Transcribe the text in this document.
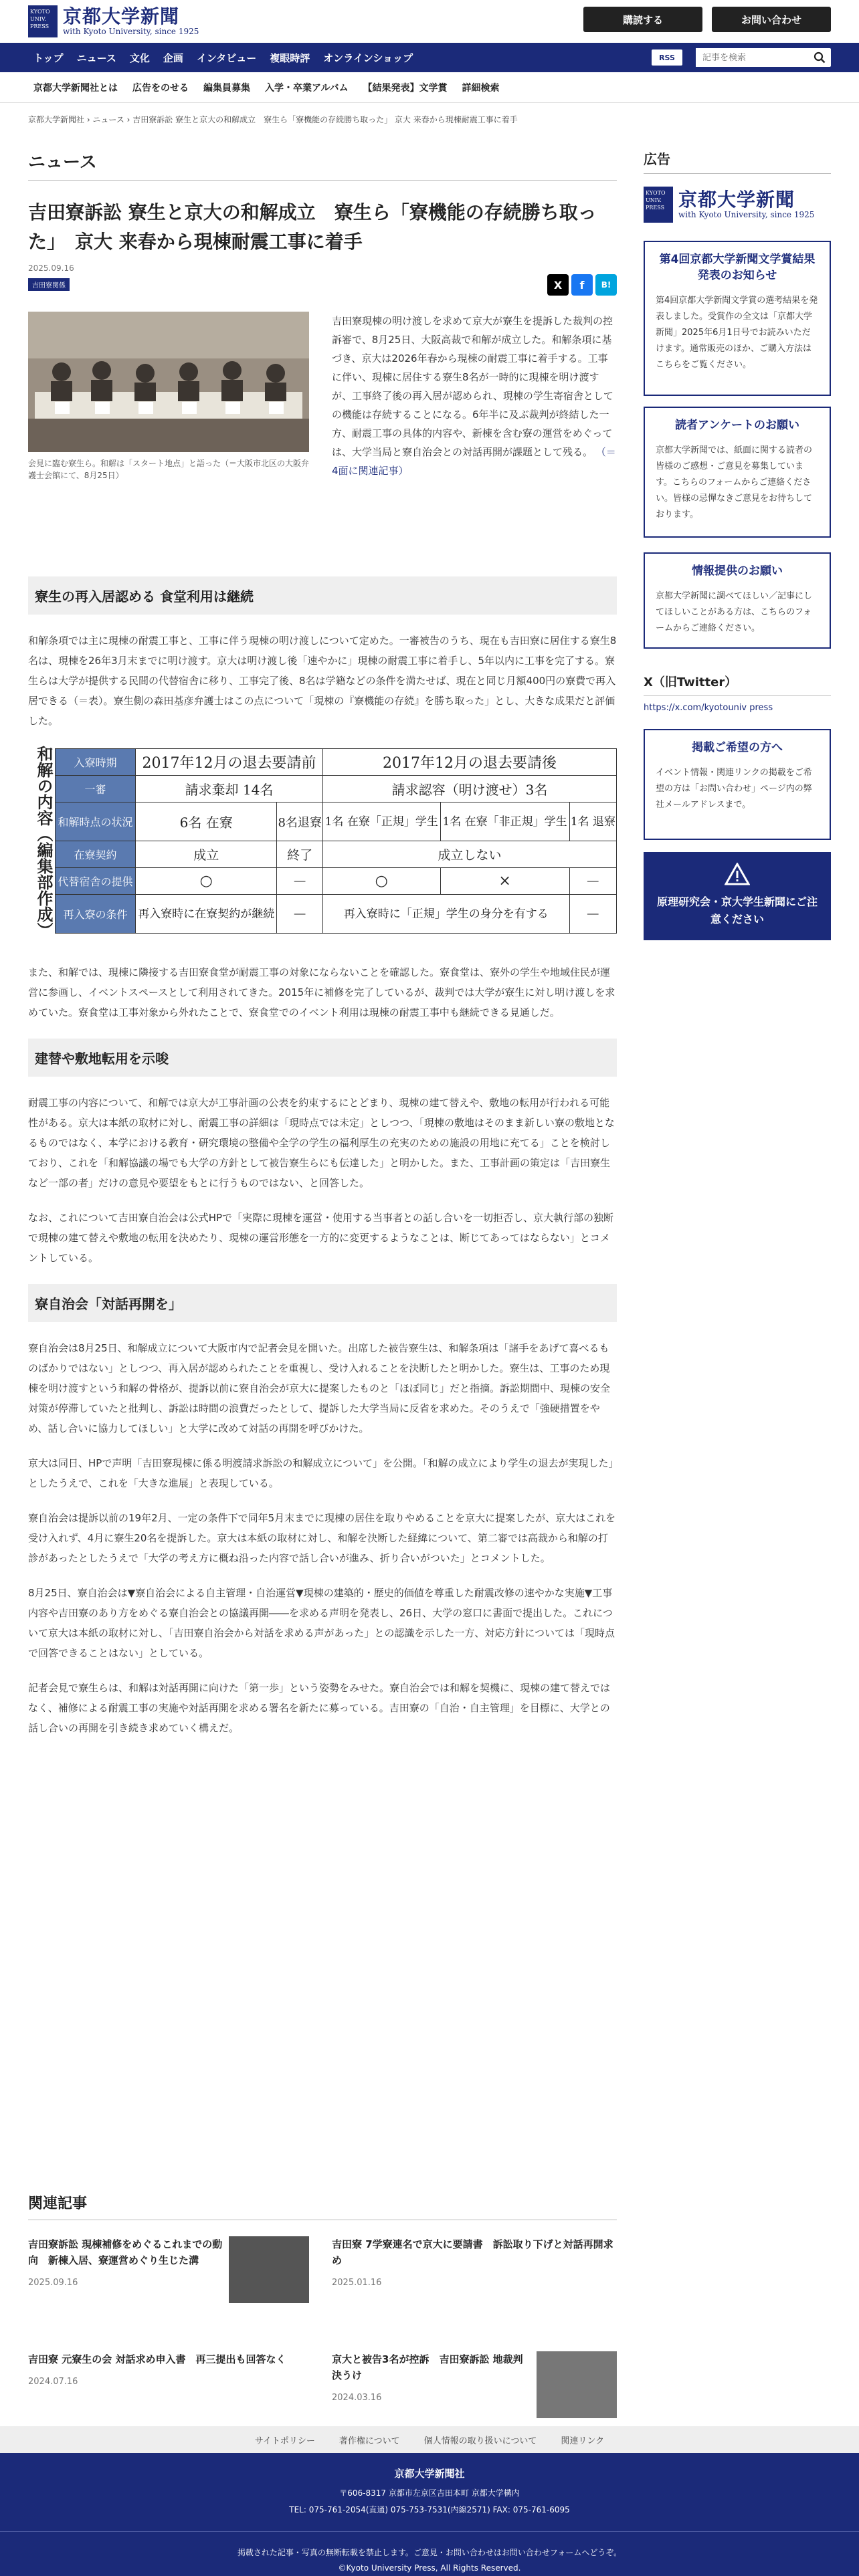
KYOTO UNIV. PRESS 京都大学新聞
with Kyoto University, since 1925
購読する	お問い合わせ
トップ ニュース 文化 企画 インタビュー 複眼時評 オンラインショップ	RSS
記事を検索
京都大学新聞社とは 広告をのせる 編集員募集 入学・卒業アルバム 【結果発表】文学賞 詳細検索
京都大学新聞社 › ニュース › 吉田寮訴訟 寮生と京大の和解成立　寮生ら「寮機能の存続勝ち取った」 京大 来春から現棟耐震工事に着手
ニュース
吉田寮訴訟 寮生と京大の和解成立　寮生ら「寮機能の存続勝ち取った」　京大 来春から現棟耐震工事に着手
2025.09.16
吉田寮関係	X	f	B!
会見に臨む寮生ら。和解は「スタート地点」と語った（＝大阪市北区の大阪弁護士会館にて、8月25日）
吉田寮現棟の明け渡しを求めて京大が寮生を提訴した裁判の控訴審で、8月25日、大阪高裁で和解が成立した。和解条項に基づき、京大は2026年春から現棟の耐震工事に着手する。工事に伴い、現棟に居住する寮生8名が一時的に現棟を明け渡すが、工事終了後の再入居が認められ、現棟の学生寄宿舎としての機能は存続することになる。6年半に及ぶ裁判が終結した一方、耐震工事の具体的内容や、新棟を含む寮の運営をめぐっては、大学当局と寮自治会との対話再開が課題として残る。 （＝4面に関連記事）
寮生の再入居認める 食堂利用は継続

和解条項では主に現棟の耐震工事と、工事に伴う現棟の明け渡しについて定めた。一審被告のうち、現在も吉田寮に居住する寮生8名は、現棟を26年3月末までに明け渡す。京大は明け渡し後「速やかに」現棟の耐震工事に着手し、5年以内に工事を完了する。寮生らは大学が提供する民間の代替宿舎に移り、工事完了後、8名は学籍などの条件を満たせば、現在と同じ月額400円の寮費で再入居できる（＝表）。寮生側の森田基彦弁護士はこの点について「現棟の『寮機能の存続』を勝ち取った」とし、大きな成果だと評価した。

和解の内容（編集部作成） 入寮時期	2017年12月の退去要請前		2017年12月の退去要請後		
一審	請求棄却 14名		請求認容（明け渡せ）3名		
和解時点の状況	6名 在寮	8名退寮	1名 在寮「正規」学生	1名 在寮「非正規」学生	1名 退寮
在寮契約	成立	終了	成立しない		
代替宿舎の提供	○	－	○	×	－
再入寮の条件	再入寮時に在寮契約が継続	－	再入寮時に「正規」学生の身分を有する		－

また、和解では、現棟に隣接する吉田寮食堂が耐震工事の対象にならないことを確認した。寮食堂は、寮外の学生や地域住民が運営に参画し、イベントスペースとして利用されてきた。2015年に補修を完了しているが、裁判では大学が寮生に対し明け渡しを求めていた。寮食堂は工事対象から外れたことで、寮食堂でのイベント利用は現棟の耐震工事中も継続できる見通しだ。

建替や敷地転用を示唆

耐震工事の内容について、和解では京大が工事計画の公表を約束するにとどまり、現棟の建て替えや、敷地の転用が行われる可能性がある。京大は本紙の取材に対し、耐震工事の詳細は「現時点では未定」としつつ、「現棟の敷地はそのまま新しい寮の敷地となるものではなく、本学における教育・研究環境の整備や全学の学生の福利厚生の充実のための施設の用地に充てる」ことを検討しており、これを「和解協議の場でも大学の方針として被告寮生らにも伝達した」と明かした。また、工事計画の策定は「吉田寮生など一部の者」だけの意見や要望をもとに行うものではない、と回答した。

なお、これについて吉田寮自治会は公式HPで「実際に現棟を運営・使用する当事者との話し合いを一切拒否し、京大執行部の独断で現棟の建て替えや敷地の転用を決めたり、現棟の運営形態を一方的に変更するようなことは、断じてあってはならない」とコメントしている。

寮自治会「対話再開を」

寮自治会は8月25日、和解成立について大阪市内で記者会見を開いた。出席した被告寮生は、和解条項は「諸手をあげて喜べるものばかりではない」としつつ、再入居が認められたことを重視し、受け入れることを決断したと明かした。寮生は、工事のため現棟を明け渡すという和解の骨格が、提訴以前に寮自治会が京大に提案したものと「ほぼ同じ」だと指摘。訴訟期間中、現棟の安全対策が停滞していたと批判し、訴訟は時間の浪費だったとして、提訴した大学当局に反省を求めた。そのうえで「強硬措置をやめ、話し合いに協力してほしい」と大学に改めて対話の再開を呼びかけた。

京大は同日、HPで声明「吉田寮現棟に係る明渡請求訴訟の和解成立について」を公開。「和解の成立により学生の退去が実現した」としたうえで、これを「大きな進展」と表現している。

寮自治会は提訴以前の19年2月、一定の条件下で同年5月末までに現棟の居住を取りやめることを京大に提案したが、京大はこれを受け入れず、4月に寮生20名を提訴した。京大は本紙の取材に対し、和解を決断した経緯について、第二審では高裁から和解の打診があったとしたうえで「大学の考え方に概ね沿った内容で話し合いが進み、折り合いがついた」とコメントした。

8月25日、寮自治会は▼寮自治会による自主管理・自治運営▼現棟の建築的・歴史的価値を尊重した耐震改修の速やかな実施▼工事内容や吉田寮のあり方をめぐる寮自治会との協議再開――を求める声明を発表し、26日、大学の窓口に書面で提出した。これについて京大は本紙の取材に対し、「吉田寮自治会から対話を求める声があった」との認識を示した一方、対応方針については「現時点で回答できることはない」としている。

記者会見で寮生らは、和解は対話再開に向けた「第一歩」という姿勢をみせた。寮自治会では和解を契機に、現棟の建て替えではなく、補修による耐震工事の実施や対話再開を求める署名を新たに募っている。吉田寮の「自治・自主管理」を目標に、大学との話し合いの再開を引き続き求めていく構えだ。

関連記事
吉田寮訴訟 現棟補修をめぐるこれまでの動向　新棟入居、寮運営めぐり生じた溝
2025.09.16
吉田寮 7学寮連名で京大に要請書　訴訟取り下げと対話再開求め
2025.01.16
吉田寮 元寮生の会 対話求め申入書　再三提出も回答なく
2024.07.16
京大と被告3名が控訴　吉田寮訴訟 地裁判決うけ
2024.03.16
広告
KYOTO UNIV. PRESS 京都大学新聞
with Kyoto University, since 1925
第4回京都大学新聞文学賞結果発表のお知らせ

第4回京都大学新聞文学賞の選考結果を発表しました。受賞作の全文は「京都大学新聞」2025年6月1日号でお読みいただけます。通常販売のほか、ご購入方法はこちらをご覧ください。

読者アンケートのお願い

京都大学新聞では、紙面に関する読者の皆様のご感想・ご意見を募集しています。こちらのフォームからご連絡ください。皆様の忌憚なきご意見をお待ちしております。

情報提供のお願い

京都大学新聞に調べてほしい／記事にしてほしいことがある方は、こちらのフォームからご連絡ください。

X（旧Twitter）
https://x.com/kyotouniv press
掲載ご希望の方へ

イベント情報・関連リンクの掲載をご希望の方は「お問い合わせ」ページ内の弊社メールアドレスまで。

原理研究会・京大学生新聞にご注意ください
サイトポリシー	著作権について	個人情報の取り扱いについて	関連リンク
京都大学新聞社
〒606-8317 京都市左京区吉田本町 京都大学構内
TEL: 075-761-2054(直通) 075-753-7531(内線2571) FAX: 075-761-6095
掲載された記事・写真の無断転載を禁止します。ご意見・お問い合わせはお問い合わせフォームへどうぞ。
©Kyoto University Press, All Rights Reserved.
